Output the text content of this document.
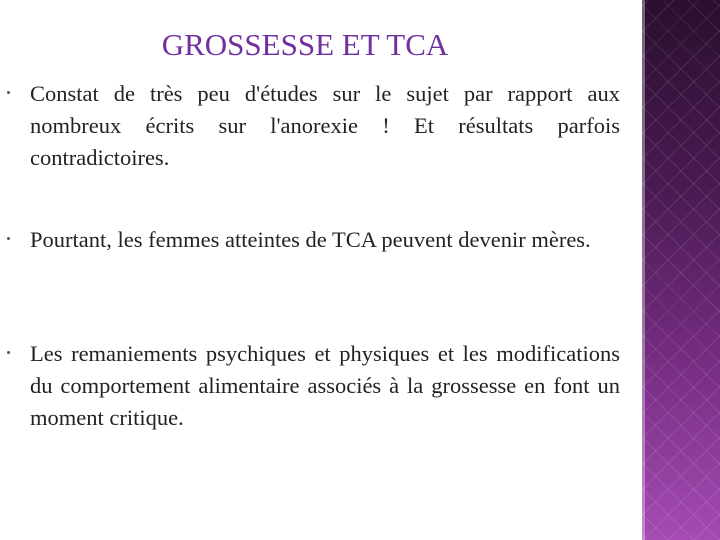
GROSSESSE ET TCA
Constat de très peu d'études sur le sujet par rapport aux nombreux écrits sur l'anorexie ! Et résultats parfois contradictoires.
Pourtant, les femmes atteintes de TCA peuvent devenir mères.
Les remaniements psychiques et physiques et les modifications du comportement alimentaire associés à la grossesse en font un moment critique.
